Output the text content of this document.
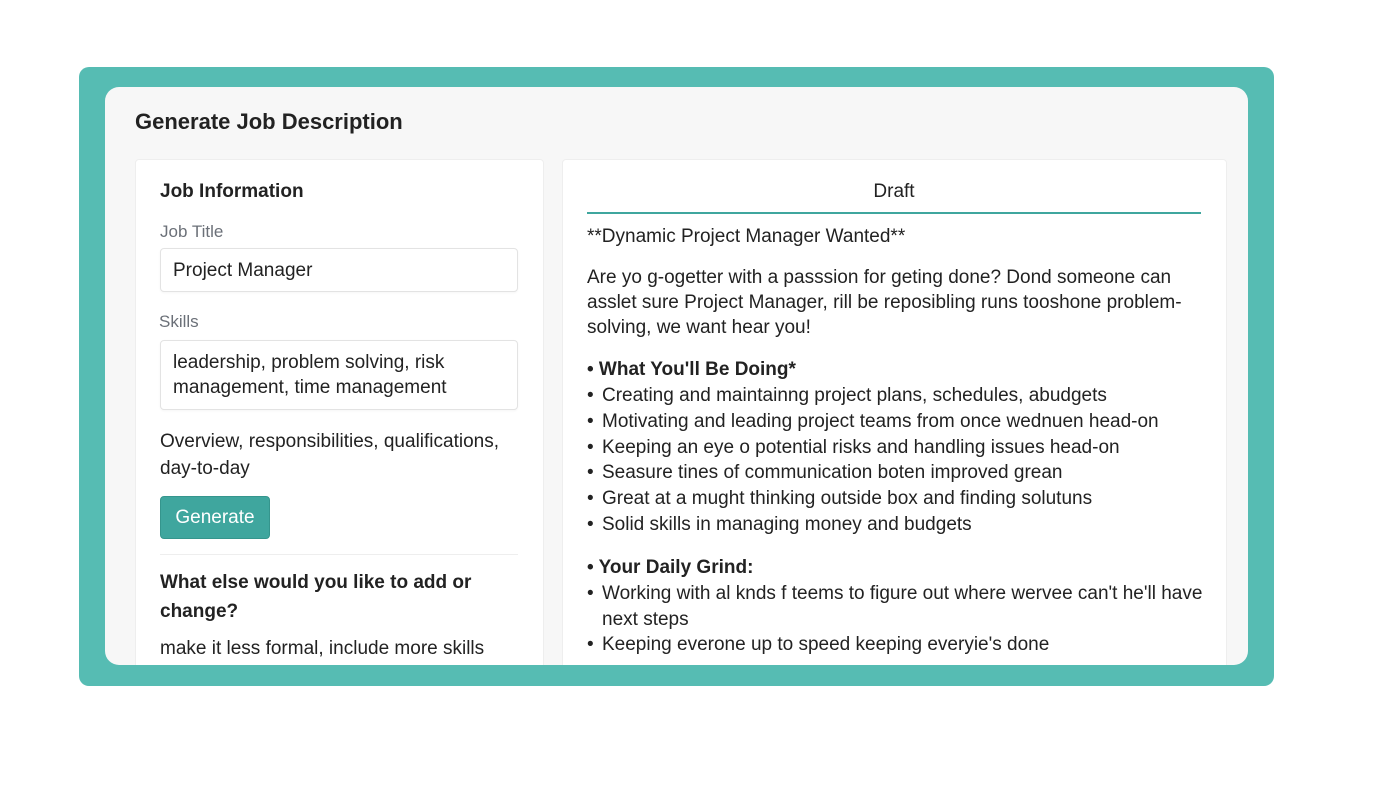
Generate Job Description
Job Information
Job Title
Project Manager
Skills
leadership, problem solving, risk management, time management
Overview, responsibilities, qualifications, day-to-day
Generate
What else would you like to add or change?
make it less formal, include more skills
Draft
**Dynamic Project Manager Wanted**

Are yo g-ogetter with a passsion for geting done? Dond someone can asslet sure Project Manager, rill be reposibling runs tooshone problem-solving, we want hear you!

• What You'll Be Doing*
• Creating and maintainng project plans, schedules, abudgets
• Motivating and leading project teams from once wednuen head-on
• Keeping an eye o potential risks and handling issues head-on
• Seasure tines of communication boten improved grean
• Great at a mught thinking outside box and finding solutuns
• Solid skills in managing money and budgets
• Your Daily Grind:
• Working with al knds f teems to figure out where wervee can't he'll have next steps
• Keeping everone up to speed keeping everyie's done
